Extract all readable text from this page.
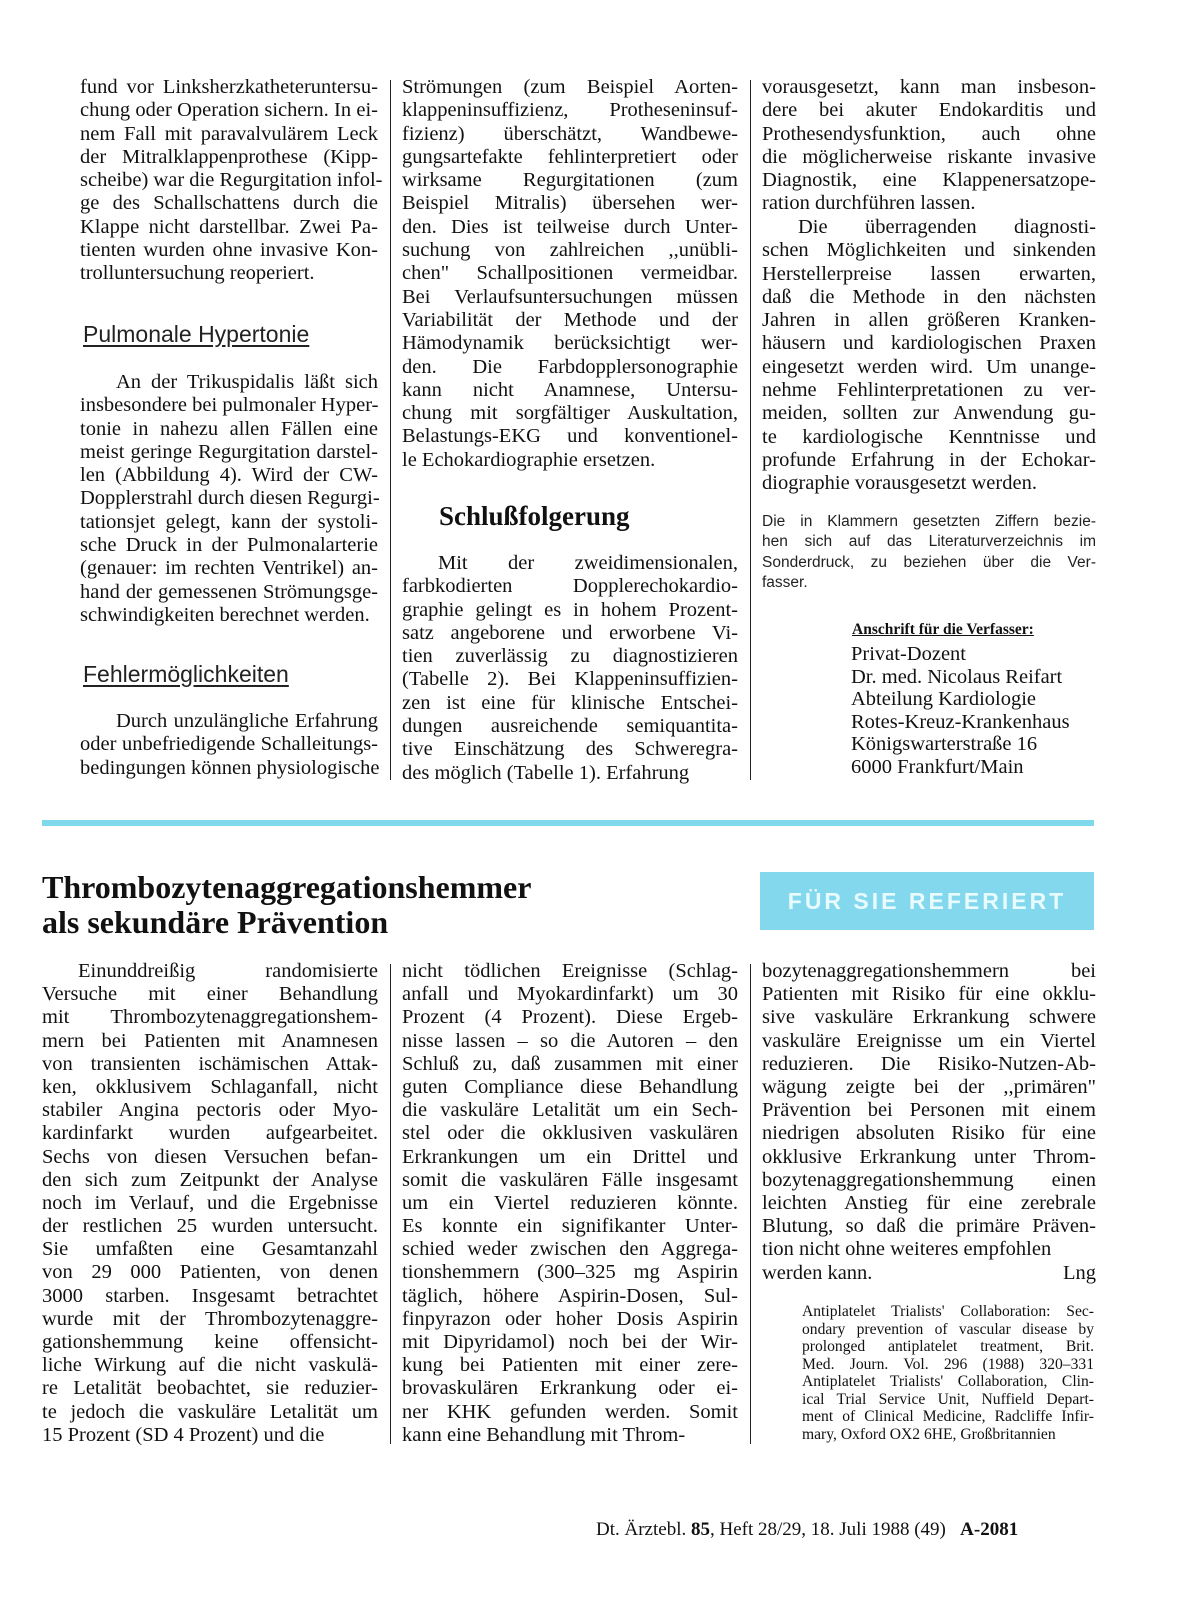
fund vor Linksherzkatheteruntersu-
chung oder Operation sichern. In ei-
nem Fall mit paravalvulärem Leck
der Mitralklappenprothese (Kipp-
scheibe) war die Regurgitation infol-
ge des Schallschattens durch die
Klappe nicht darstellbar. Zwei Pa-
tienten wurden ohne invasive Kon-
trolluntersuchung reoperiert.
Pulmonale Hypertonie
An der Trikuspidalis läßt sich
insbesondere bei pulmonaler Hyper-
tonie in nahezu allen Fällen eine
meist geringe Regurgitation darstel-
len (Abbildung 4). Wird der CW-
Dopplerstrahl durch diesen Regurgi-
tationsjet gelegt, kann der systoli-
sche Druck in der Pulmonalarterie
(genauer: im rechten Ventrikel) an-
hand der gemessenen Strömungsge-
schwindigkeiten berechnet werden.
Fehlermöglichkeiten
Durch unzulängliche Erfahrung
oder unbefriedigende Schalleitungs-
bedingungen können physiologische
Strömungen (zum Beispiel Aorten-
klappeninsuffizienz, Protheseninsuf-
fizienz) überschätzt, Wandbewe-
gungsartefakte fehlinterpretiert oder
wirksame Regurgitationen (zum
Beispiel Mitralis) übersehen wer-
den. Dies ist teilweise durch Unter-
suchung von zahlreichen ,,unübli-
chen" Schallpositionen vermeidbar.
Bei Verlaufsuntersuchungen müssen
Variabilität der Methode und der
Hämodynamik berücksichtigt wer-
den. Die Farbdopplersonographie
kann nicht Anamnese, Untersu-
chung mit sorgfältiger Auskultation,
Belastungs-EKG und konventionel-
le Echokardiographie ersetzen.
Schlußfolgerung
Mit der zweidimensionalen,
farbkodierten Dopplerechokardio-
graphie gelingt es in hohem Prozent-
satz angeborene und erworbene Vi-
tien zuverlässig zu diagnostizieren
(Tabelle 2). Bei Klappeninsuffizien-
zen ist eine für klinische Entschei-
dungen ausreichende semiquantita-
tive Einschätzung des Schweregra-
des möglich (Tabelle 1). Erfahrung
vorausgesetzt, kann man insbeson-
dere bei akuter Endokarditis und
Prothesendysfunktion, auch ohne
die möglicherweise riskante invasive
Diagnostik, eine Klappenersatzope-
ration durchführen lassen.
Die überragenden diagnosti-
schen Möglichkeiten und sinkenden
Herstellerpreise lassen erwarten,
daß die Methode in den nächsten
Jahren in allen größeren Kranken-
häusern und kardiologischen Praxen
eingesetzt werden wird. Um unange-
nehme Fehlinterpretationen zu ver-
meiden, sollten zur Anwendung gu-
te kardiologische Kenntnisse und
profunde Erfahrung in der Echokar-
diographie vorausgesetzt werden.
Die in Klammern gesetzten Ziffern bezie-
hen sich auf das Literaturverzeichnis im
Sonderdruck, zu beziehen über die Ver-
fasser.
Anschrift für die Verfasser:
Privat-Dozent
Dr. med. Nicolaus Reifart
Abteilung Kardiologie
Rotes-Kreuz-Krankenhaus
Königswarterstraße 16
6000 Frankfurt/Main
Thrombozytenaggregationshemmer
als sekundäre Prävention
FÜR SIE REFERIERT
Einunddreißig randomisierte
Versuche mit einer Behandlung
mit Thrombozytenaggregationshem-
mern bei Patienten mit Anamnesen
von transienten ischämischen Attak-
ken, okklusivem Schlaganfall, nicht
stabiler Angina pectoris oder Myo-
kardinfarkt wurden aufgearbeitet.
Sechs von diesen Versuchen befan-
den sich zum Zeitpunkt der Analyse
noch im Verlauf, und die Ergebnisse
der restlichen 25 wurden untersucht.
Sie umfaßten eine Gesamtanzahl
von 29 000 Patienten, von denen
3000 starben. Insgesamt betrachtet
wurde mit der Thrombozytenaggre-
gationshemmung keine offensicht-
liche Wirkung auf die nicht vaskulä-
re Letalität beobachtet, sie reduzier-
te jedoch die vaskuläre Letalität um
15 Prozent (SD 4 Prozent) und die
nicht tödlichen Ereignisse (Schlag-
anfall und Myokardinfarkt) um 30
Prozent (4 Prozent). Diese Ergeb-
nisse lassen – so die Autoren – den
Schluß zu, daß zusammen mit einer
guten Compliance diese Behandlung
die vaskuläre Letalität um ein Sech-
stel oder die okklusiven vaskulären
Erkrankungen um ein Drittel und
somit die vaskulären Fälle insgesamt
um ein Viertel reduzieren könnte.
Es konnte ein signifikanter Unter-
schied weder zwischen den Aggrega-
tionshemmern (300–325 mg Aspirin
täglich, höhere Aspirin-Dosen, Sul-
finpyrazon oder hoher Dosis Aspirin
mit Dipyridamol) noch bei der Wir-
kung bei Patienten mit einer zere-
brovaskulären Erkrankung oder ei-
ner KHK gefunden werden. Somit
kann eine Behandlung mit Throm-
bozytenaggregationshemmern bei
Patienten mit Risiko für eine okklu-
sive vaskuläre Erkrankung schwere
vaskuläre Ereignisse um ein Viertel
reduzieren. Die Risiko-Nutzen-Ab-
wägung zeigte bei der ,,primären"
Prävention bei Personen mit einem
niedrigen absoluten Risiko für eine
okklusive Erkrankung unter Throm-
bozytenaggregationshemmung einen
leichten Anstieg für eine zerebrale
Blutung, so daß die primäre Präven-
tion nicht ohne weiteres empfohlen
werden kann.	Lng
Antiplatelet Trialists' Collaboration: Sec-
ondary prevention of vascular disease by
prolonged antiplatelet treatment, Brit.
Med. Journ. Vol. 296 (1988) 320–331
Antiplatelet Trialists' Collaboration, Clin-
ical Trial Service Unit, Nuffield Depart-
ment of Clinical Medicine, Radcliffe Infir-
mary, Oxford OX2 6HE, Großbritannien
Dt. Ärztebl. 85, Heft 28/29, 18. Juli 1988 (49) A-2081
